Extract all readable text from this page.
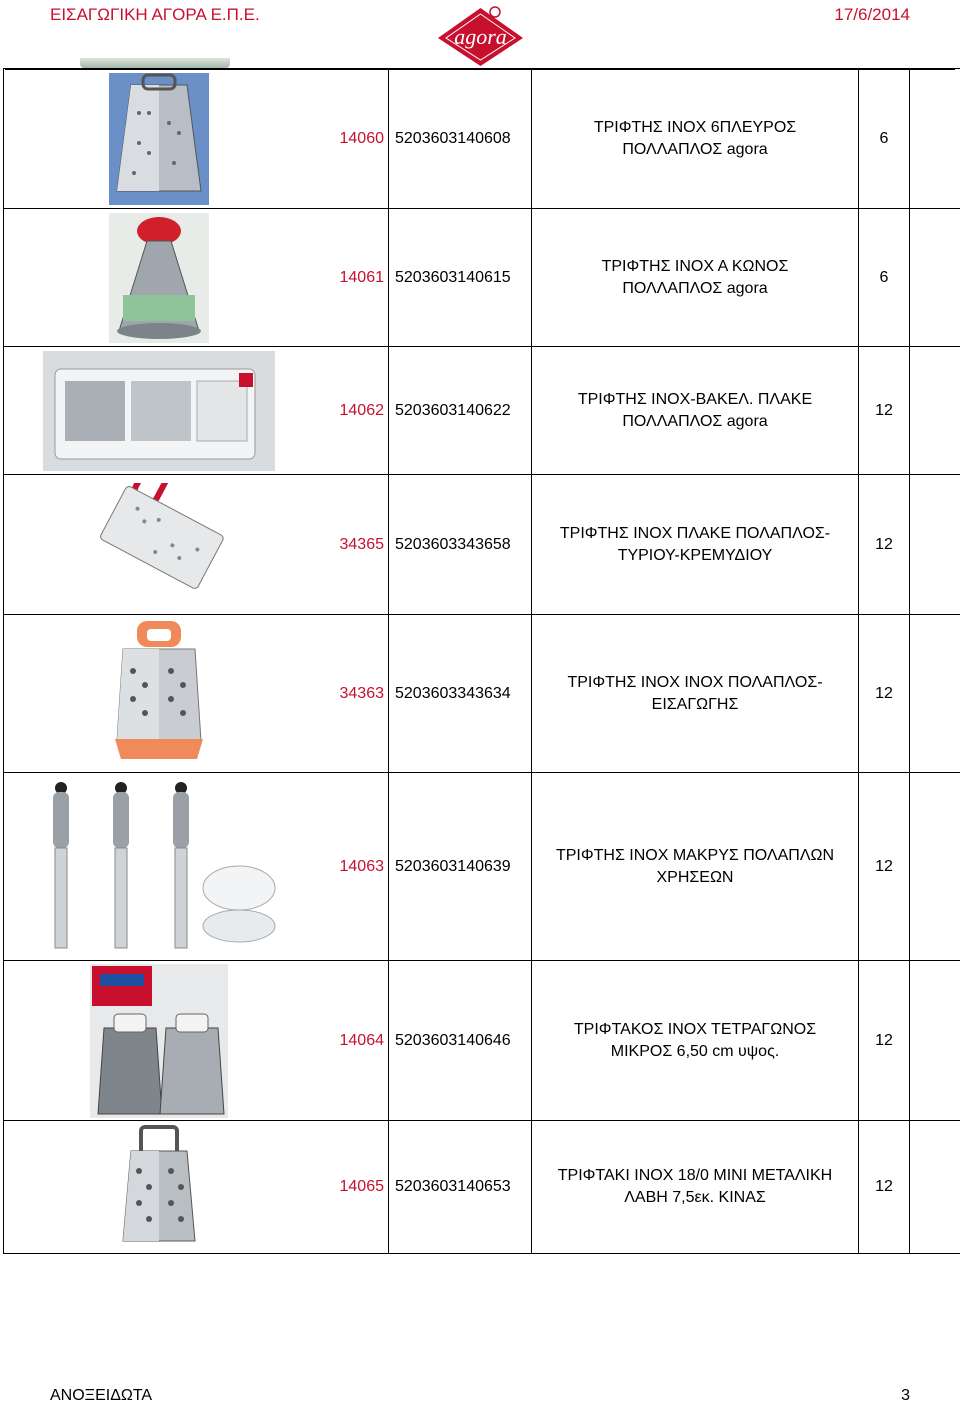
ΕΙΣΑΓΩΓΙΚΗ ΑΓΟΡΑ Ε.Π.Ε.	17/6/2014
agora
	14060	5203603140608	ΤΡΙΦΤΗΣ ΙΝΟΧ 6ΠΛΕΥΡΟΣ
ΠΟΛΛΑΠΛΟΣ agora	6	
	14061	5203603140615	ΤΡΙΦΤΗΣ ΙΝΟΧ Α ΚΩΝΟΣ
ΠΟΛΛΑΠΛΟΣ agora	6	
	14062	5203603140622	ΤΡΙΦΤΗΣ ΙΝΟΧ-ΒΑΚΕΛ. ΠΛΑΚΕ
ΠΟΛΛΑΠΛΟΣ agora	12	
	34365	5203603343658	ΤΡΙΦΤΗΣ ΙΝΟΧ ΠΛΑΚΕ ΠΟΛΑΠΛΟΣ-
ΤΥΡΙΟΥ-ΚΡΕΜΥΔΙΟΥ	12	
	34363	5203603343634	ΤΡΙΦΤΗΣ ΙΝΟΧ ΙΝΟΧ ΠΟΛΑΠΛΟΣ-
ΕΙΣΑΓΩΓΗΣ	12	
	14063	5203603140639	ΤΡΙΦΤΗΣ ΙΝΟΧ ΜΑΚΡΥΣ ΠΟΛΑΠΛΩΝ
ΧΡΗΣΕΩΝ	12	
	14064	5203603140646	ΤΡΙΦΤΑΚΟΣ ΙΝΟΧ ΤΕΤΡΑΓΩΝΟΣ
ΜΙΚΡΟΣ 6,50 cm υψος.	12	
	14065	5203603140653	ΤΡΙΦΤΑΚΙ ΙΝΟΧ 18/0 ΜΙΝΙ ΜΕΤΑΛΙΚΗ
ΛΑΒΗ 7,5εκ. ΚΙΝΑΣ	12	
ΑΝΟΞΕΙΔΩΤΑ	3
